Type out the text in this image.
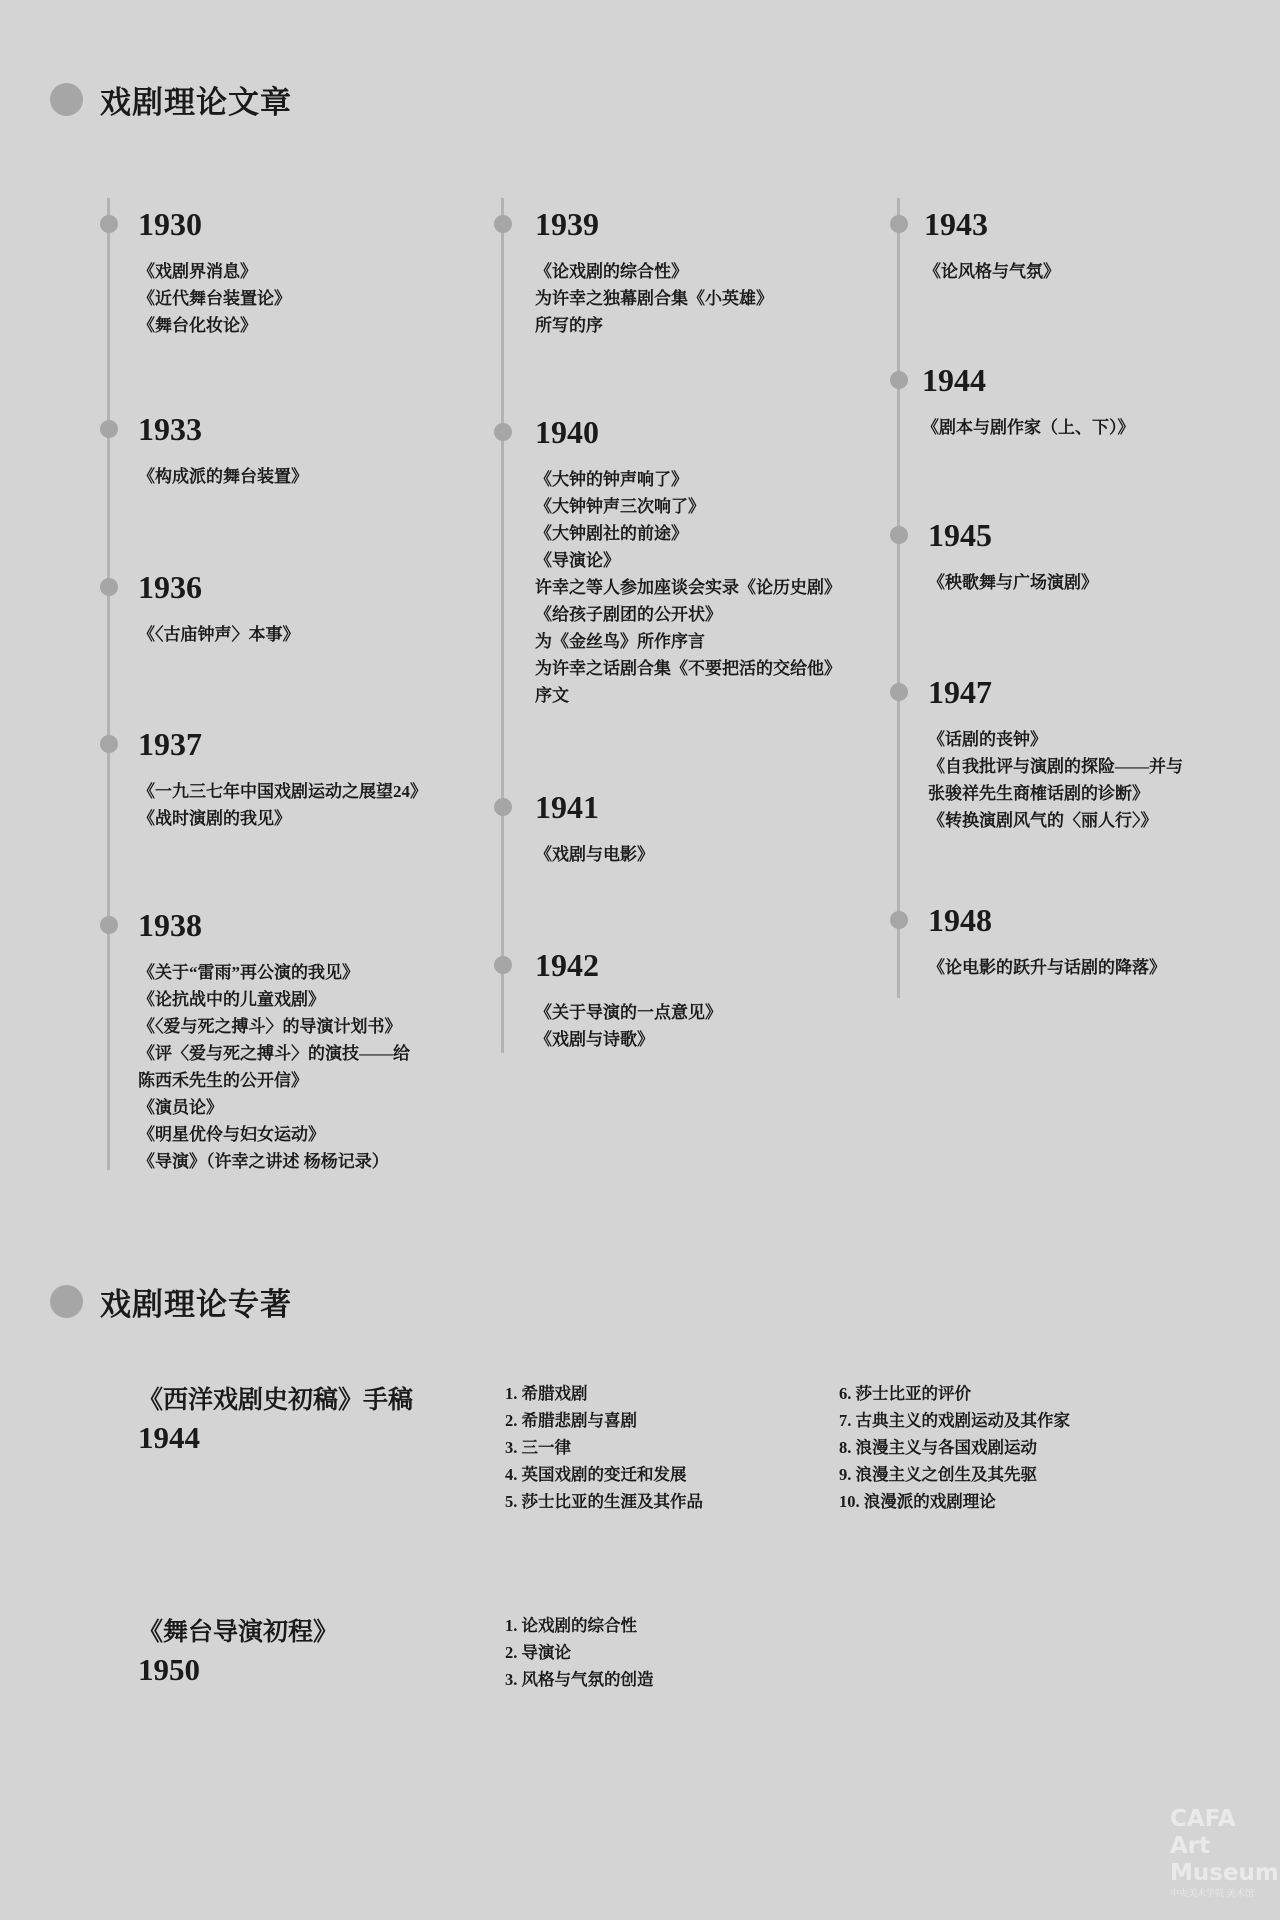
戏剧理论文章
1930
《戏剧界消息》
《近代舞台装置论》
《舞台化妆论》
1933
《构成派的舞台装置》
1936
《〈古庙钟声〉本事》
1937
《一九三七年中国戏剧运动之展望24》
《战时演剧的我见》
1938
《关于“雷雨”再公演的我见》
《论抗战中的儿童戏剧》
《〈爱与死之搏斗〉的导演计划书》
《评〈爱与死之搏斗〉的演技——给
陈西禾先生的公开信》
《演员论》
《明星优伶与妇女运动》
《导演》（许幸之讲述 杨杨记录）
1939
《论戏剧的综合性》
为许幸之独幕剧合集《小英雄》
所写的序
1940
《大钟的钟声响了》
《大钟钟声三次响了》
《大钟剧社的前途》
《导演论》
许幸之等人参加座谈会实录《论历史剧》
《给孩子剧团的公开状》
为《金丝鸟》所作序言
为许幸之话剧合集《不要把活的交给他》
序文
1941
《戏剧与电影》
1942
《关于导演的一点意见》
《戏剧与诗歌》
1943
《论风格与气氛》
1944
《剧本与剧作家（上、下）》
1945
《秧歌舞与广场演剧》
1947
《话剧的丧钟》
《自我批评与演剧的探险——并与
张骏祥先生商榷话剧的诊断》
《转换演剧风气的〈丽人行〉》
1948
《论电影的跃升与话剧的降落》
戏剧理论专著
《西洋戏剧史初稿》手稿
1944
1. 希腊戏剧
2. 希腊悲剧与喜剧
3. 三一律
4. 英国戏剧的变迁和发展
5. 莎士比亚的生涯及其作品
6. 莎士比亚的评价
7. 古典主义的戏剧运动及其作家
8. 浪漫主义与各国戏剧运动
9. 浪漫主义之创生及其先驱
10. 浪漫派的戏剧理论
《舞台导演初程》
1950
1. 论戏剧的综合性
2. 导演论
3. 风格与气氛的创造
CAFA
Art
Museum
中央美术学院 美术馆
